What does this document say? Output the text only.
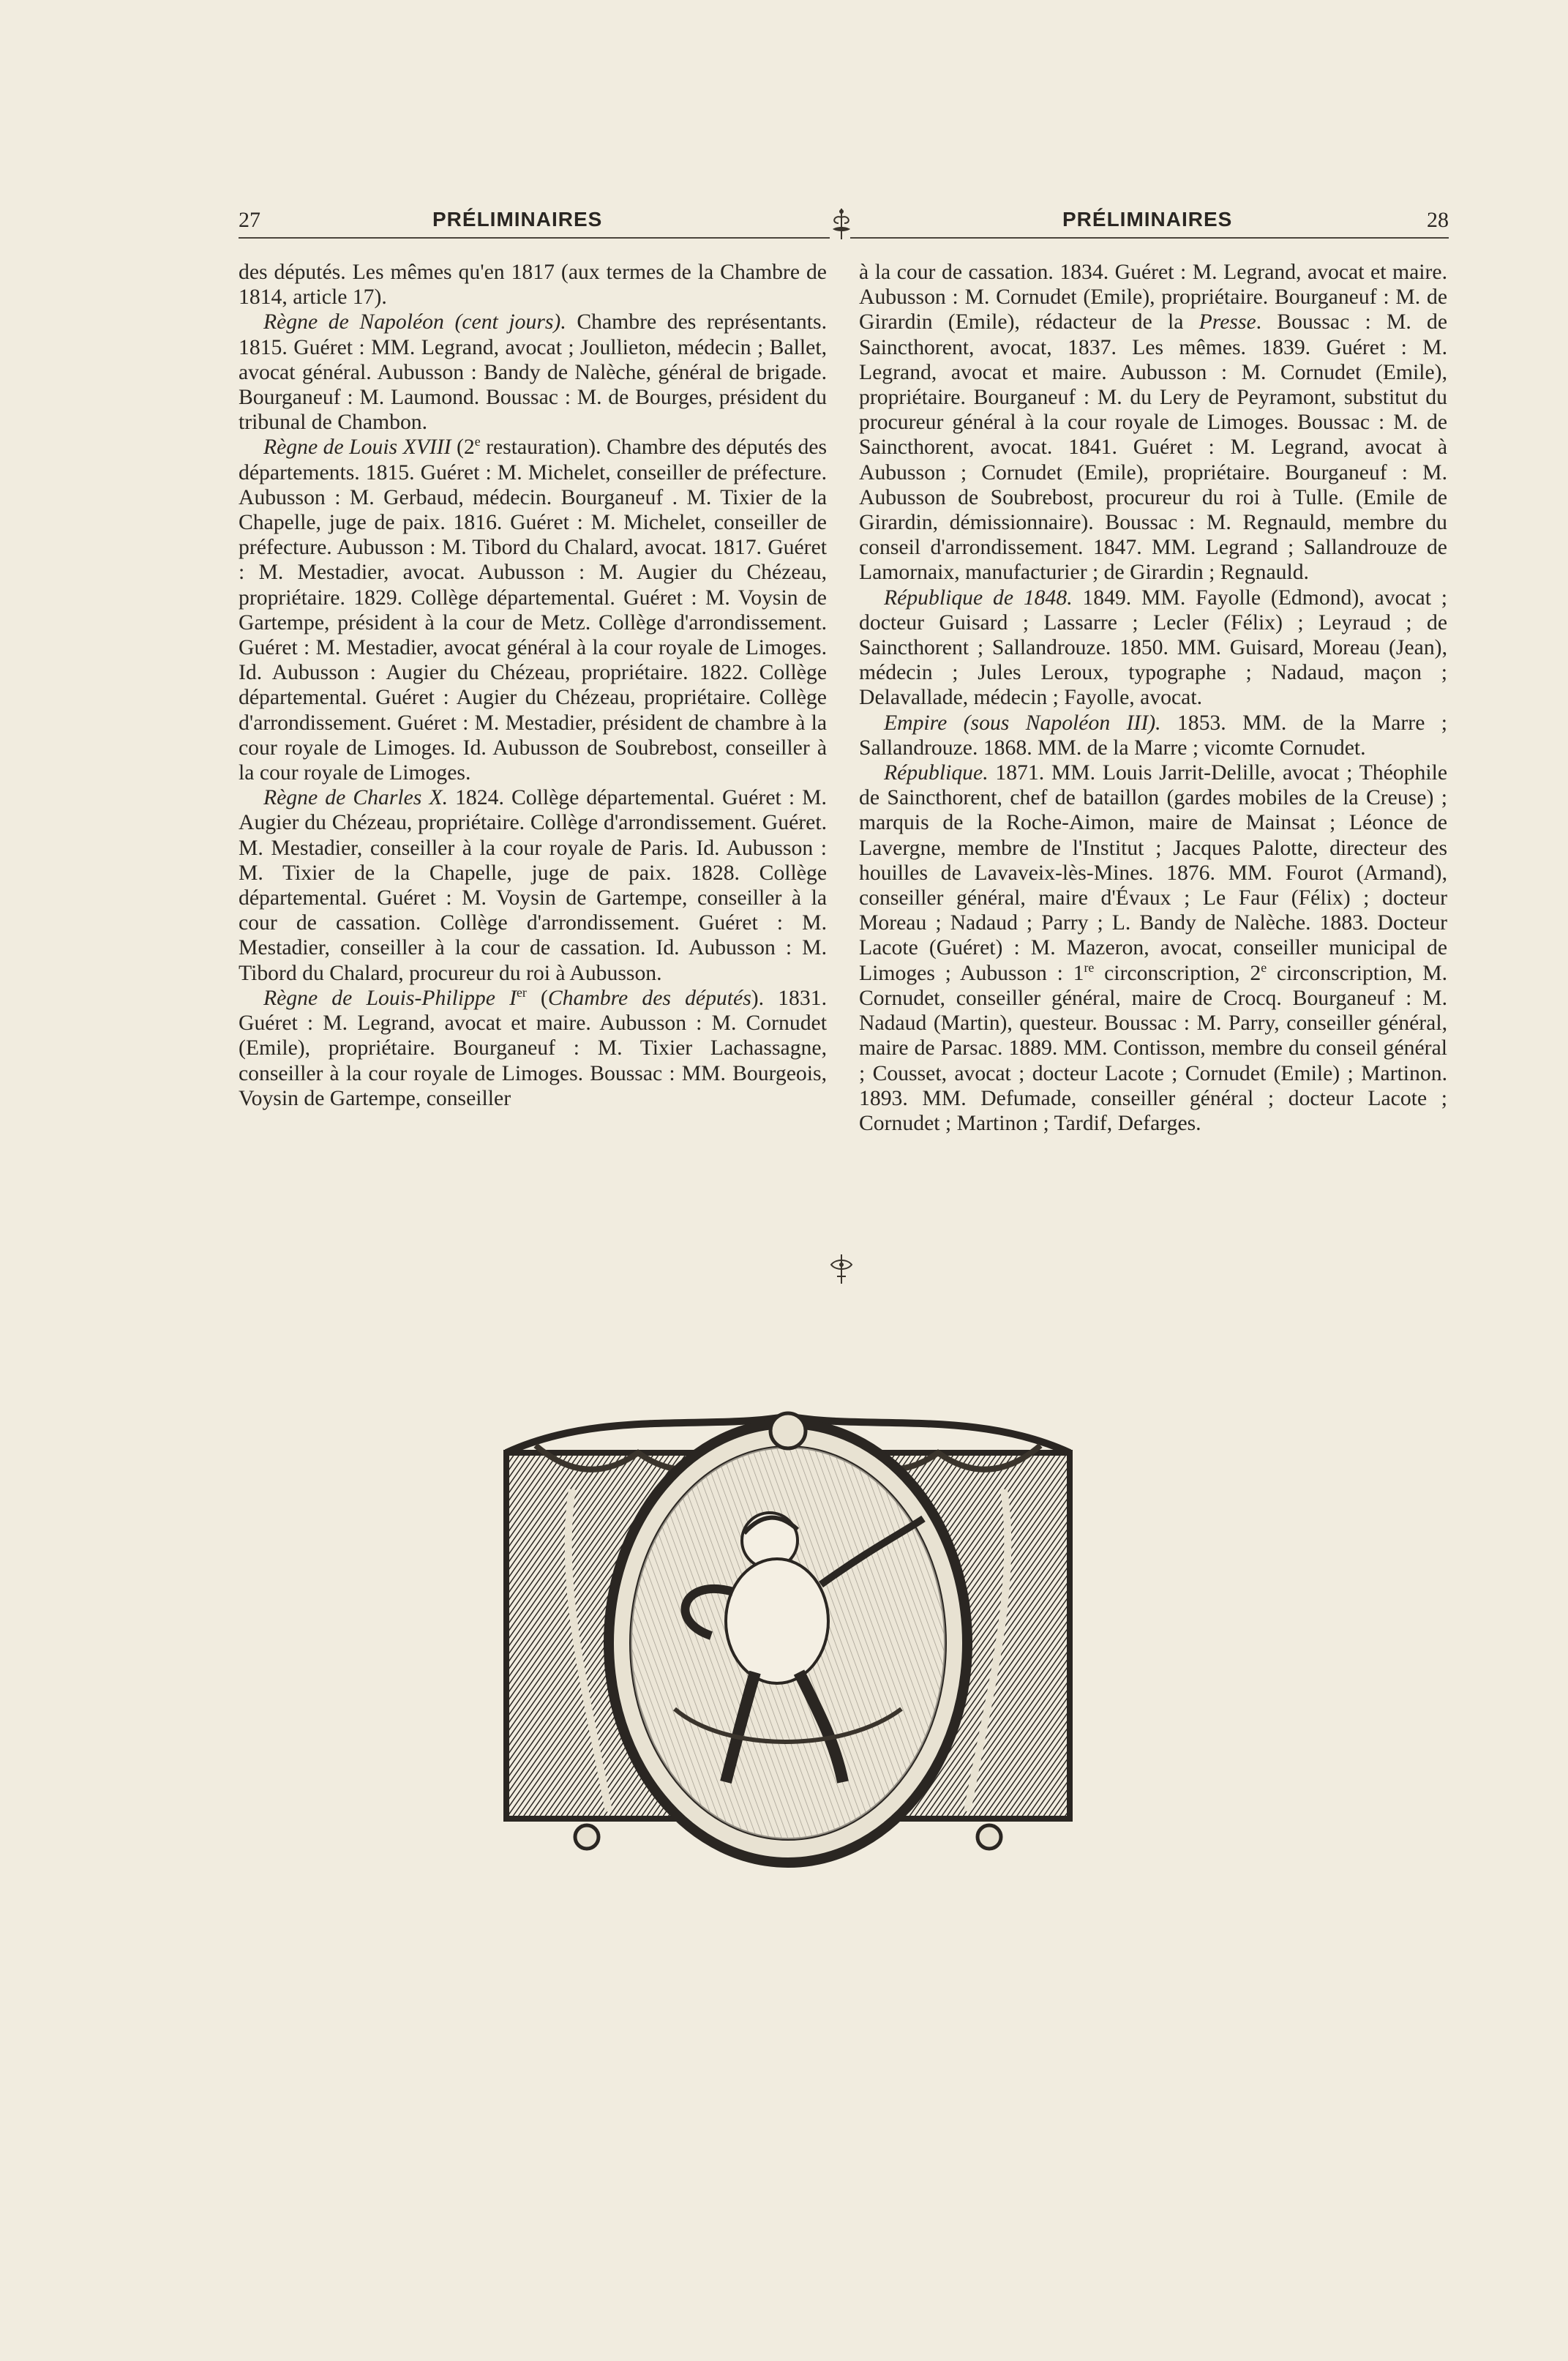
27	PRÉLIMINAIRES	PRÉLIMINAIRES	28

des députés. Les mêmes qu'en 1817 (aux termes de la Chambre de 1814, article 17).

Règne de Napoléon (cent jours). Chambre des représentants. 1815. Guéret : MM. Legrand, avocat ; Joullieton, médecin ; Ballet, avocat général. Aubusson : Bandy de Nalèche, général de brigade. Bourganeuf : M. Laumond. Boussac : M. de Bourges, président du tribunal de Chambon.

Règne de Louis XVIII (2e restauration). Chambre des députés des départements. 1815. Guéret : M. Michelet, conseiller de préfecture. Aubusson : M. Gerbaud, médecin. Bourganeuf . M. Tixier de la Chapelle, juge de paix. 1816. Guéret : M. Michelet, conseiller de préfecture. Aubusson : M. Tibord du Chalard, avocat. 1817. Guéret : M. Mestadier, avocat. Aubusson : M. Augier du Chézeau, propriétaire. 1829. Collège départemental. Guéret : M. Voysin de Gartempe, président à la cour de Metz. Collège d'arrondissement. Guéret : M. Mestadier, avocat général à la cour royale de Limoges. Id. Aubusson : Augier du Chézeau, propriétaire. 1822. Collège départemental. Guéret : Augier du Chézeau, propriétaire. Collège d'arrondissement. Guéret : M. Mestadier, président de chambre à la cour royale de Limoges. Id. Aubusson de Soubrebost, conseiller à la cour royale de Limoges.

Règne de Charles X. 1824. Collège départemental. Guéret : M. Augier du Chézeau, propriétaire. Collège d'arrondissement. Guéret. M. Mestadier, conseiller à la cour royale de Paris. Id. Aubusson : M. Tixier de la Chapelle, juge de paix. 1828. Collège départemental. Guéret : M. Voysin de Gartempe, conseiller à la cour de cassation. Collège d'arrondissement. Guéret : M. Mestadier, conseiller à la cour de cassation. Id. Aubusson : M. Tibord du Chalard, procureur du roi à Aubusson.

Règne de Louis-Philippe Ier (Chambre des députés). 1831. Guéret : M. Legrand, avocat et maire. Aubusson : M. Cornudet (Emile), propriétaire. Bourganeuf : M. Tixier Lachassagne, conseiller à la cour royale de Limoges. Boussac : MM. Bourgeois, Voysin de Gartempe, conseiller

à la cour de cassation. 1834. Guéret : M. Legrand, avocat et maire. Aubusson : M. Cornudet (Emile), propriétaire. Bourganeuf : M. de Girardin (Emile), rédacteur de la Presse. Boussac : M. de Saincthorent, avocat, 1837. Les mêmes. 1839. Guéret : M. Legrand, avocat et maire. Aubusson : M. Cornudet (Emile), propriétaire. Bourganeuf : M. du Lery de Peyramont, substitut du procureur général à la cour royale de Limoges. Boussac : M. de Saincthorent, avocat. 1841. Guéret : M. Legrand, avocat à Aubusson ; Cornudet (Emile), propriétaire. Bourganeuf : M. Aubusson de Soubrebost, procureur du roi à Tulle. (Emile de Girardin, démissionnaire). Boussac : M. Regnauld, membre du conseil d'arrondissement. 1847. MM. Legrand ; Sallandrouze de Lamornaix, manufacturier ; de Girardin ; Regnauld.

République de 1848. 1849. MM. Fayolle (Edmond), avocat ; docteur Guisard ; Lassarre ; Lecler (Félix) ; Leyraud ; de Saincthorent ; Sallandrouze. 1850. MM. Guisard, Moreau (Jean), médecin ; Jules Leroux, typographe ; Nadaud, maçon ; Delavallade, médecin ; Fayolle, avocat.

Empire (sous Napoléon III). 1853. MM. de la Marre ; Sallandrouze. 1868. MM. de la Marre ; vicomte Cornudet.

République. 1871. MM. Louis Jarrit-Delille, avocat ; Théophile de Saincthorent, chef de bataillon (gardes mobiles de la Creuse) ; marquis de la Roche-Aimon, maire de Mainsat ; Léonce de Lavergne, membre de l'Institut ; Jacques Palotte, directeur des houilles de Lavaveix-lès-Mines. 1876. MM. Fourot (Armand), conseiller général, maire d'Évaux ; Le Faur (Félix) ; docteur Moreau ; Nadaud ; Parry ; L. Bandy de Nalèche. 1883. Docteur Lacote (Guéret) : M. Mazeron, avocat, conseiller municipal de Limoges ; Aubusson : 1re circonscription, 2e circonscription, M. Cornudet, conseiller général, maire de Crocq. Bourganeuf : M. Nadaud (Martin), questeur. Boussac : M. Parry, conseiller général, maire de Parsac. 1889. MM. Contisson, membre du conseil général ; Cousset, avocat ; docteur Lacote ; Cornudet (Emile) ; Martinon. 1893. MM. Defumade, conseiller général ; docteur Lacote ; Cornudet ; Martinon ; Tardif, Defarges.
